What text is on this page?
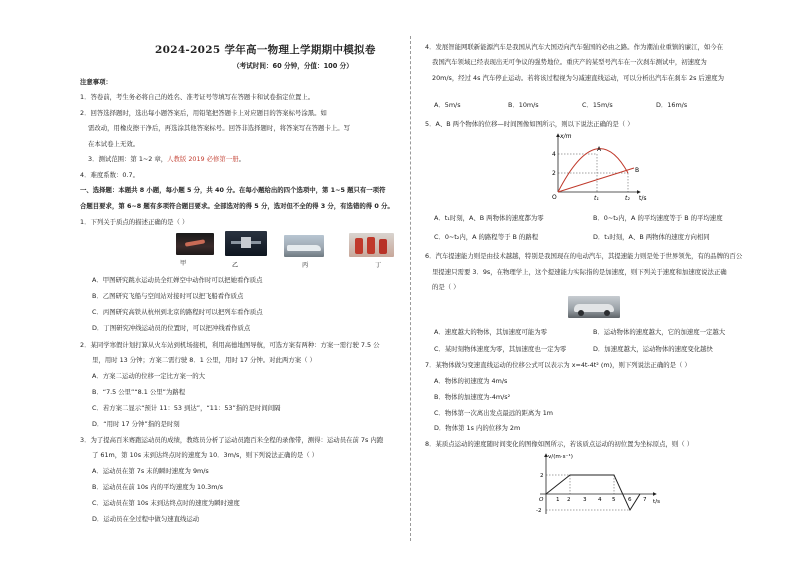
2024-2025 学年高一物理上学期期中模拟卷
（考试时间：60 分钟，分值：100 分）
注意事项：
1．答卷前，考生务必将自己的姓名、准考证号等填写在答题卡和试卷指定位置上。
2．回答选择题时，选出每小题答案后，用铅笔把答题卡上对应题目的答案标号涂黑。如
需改动，用橡皮擦干净后，再选涂其他答案标号。回答非选择题时，将答案写在答题卡上。写
在本试卷上无效。
3．测试范围：第 1~2 章，人教版 2019 必修第一册。
4．难度系数：0.7。
一、选择题：本题共 8 小题，每小题 5 分，共 40 分。在每小题给出的四个选项中，第 1~5 题只有一项符
合题目要求，第 6~8 题有多项符合题目要求。全部选对的得 5 分，选对但不全的得 3 分，有选错的得 0 分。
1．下列关于质点的描述正确的是（ ）
甲	乙	丙	丁
A．甲图研究跳水运动员全红婵空中动作时可以把她看作质点
B．乙图研究飞船与空间站对接时可以把飞船看作质点
C．丙图研究高铁从杭州到北京的路程时可以把列车看作质点
D．丁图研究冲线运动员的位置时，可以把冲线看作质点
2．某同学寒假计划打算从火车站到机场接机，利用高德地图导航，可选方案有两种：方案一需行驶 7.5 公
里，用时 13 分钟；方案二需行驶 8．1 公里，用时 17 分钟。对此两方案（ ）
A．方案二运动的位移一定比方案一的大
B．“7.5 公里”“8.1 公里”为路程
C．若方案二显示“预计 11：53 到达”，“11：53”指的是时间间隔
D．“用时 17 分钟”指的是时刻
3．为了提高百米赛跑运动员的成绩，教练员分析了运动员跑百米全程的录像带，测得：运动员在前 7s 内跑
了 61m，第 10s 末到达终点时的速度为 10．3m/s，则下列说法正确的是（ ）
A．运动员在第 7s 末的瞬时速度为 9m/s
B．运动员在前 10s 内的平均速度为 10.3m/s
C．运动员在第 10s 末到达终点时的速度为瞬时速度
D．运动员在全过程中做匀速直线运动
4．发展智能网联新能源汽车是我国从汽车大国迈向汽车强国的必由之路。作为潮汕业重镇的廉江，如今在
我国汽车领域已经表现出无可争议的强势地位。重庆产的某型号汽车在一次刹车测试中，初速度为
20m/s，经过 4s 汽车停止运动。若将该过程视为匀减速直线运动，可以分析出汽车在刹车 2s 后速度为
A．5m/s	B．10m/s	C．15m/s	D．16m/s
5．A、B 两个物体的位移—时间图像如图所示，则以下说法正确的是（ ）
x/m
t/s
O
4
2
t₁	t₂
A
B
A．t₁时刻，A、B 两物体的速度都为零	B．0~t₂内，A 的平均速度等于 B 的平均速度
C．0~t₂内，A 的路程等于 B 的路程	D．t₁时刻，A、B 两物体的速度方向相同
6．汽车提速能力则是由技术越越，特别是我国现在的电动汽车，其提速能力则是处于世界领先，有的品牌的百公
里提速只需要 3．9s，在物理学上，这个提速能力实际指的是加速度，则下列关于速度和加速度说法正确
的是（ ）
A．速度越大的物体，其加速度可能为零	B．运动物体的速度越大，它的加速度一定越大
C．某时刻物体速度为零，其加速度也一定为零	D．加速度越大，运动物体的速度变化越快
7．某物体做匀变速直线运动的位移公式可以表示为 x=4t-4t² (m)，则下列说法正确的是（ ）
A．物体的初速度为 4m/s
B．物体的加速度为-4m/s²
C．物体第一次离出发点最远的距离为 1m
D．物体第 1s 内的位移为 2m
8．某质点运动的速度随时间变化的图像如图所示，若该质点运动的初位置为坐标原点，则（ ）
v/(m·s⁻¹)
t/s
O
2
-2
1 2 3 4 5 6 7
